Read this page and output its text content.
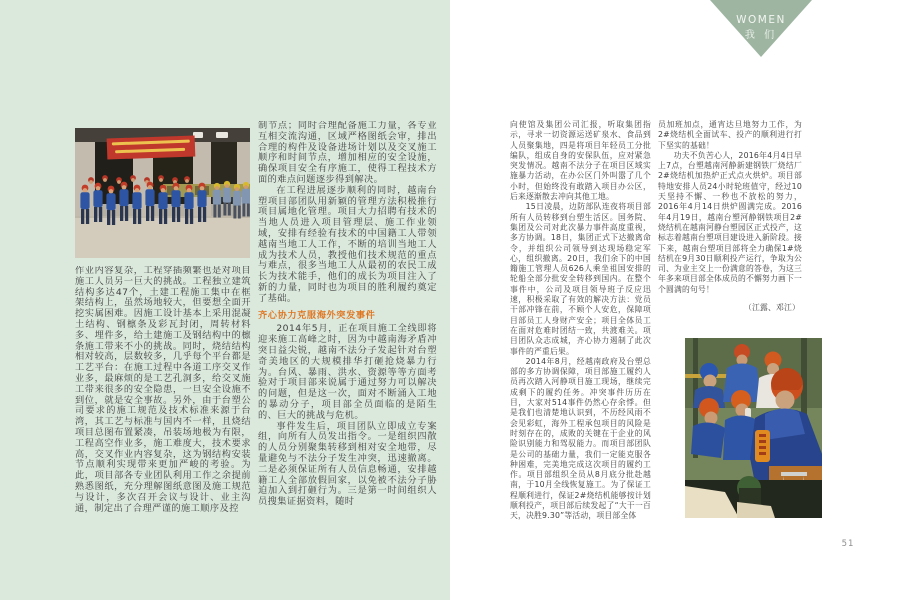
作业内容复杂，工程穿插频繁也是对项目施工人员另一巨大的挑战。工程独立建筑结构多达47个，土建工程施工集中在框架结构上，虽然场地较大，但要想全面开挖实属困难。因施工设计基本上采用混凝土结构、钢檩条及彩瓦封闭，周转材料多、埋件多，给土建施工及钢结构中的檩条施工带来不小的挑战。同时，烧结结构相对较高，层数较多，几乎每个平台都是工艺平台：在施工过程中各道工序交叉作业多，最麻烦的是工艺孔洞多，给交叉施工带来很多的安全隐患，一旦安全设施不到位，就是安全事故。另外，由于台塑公司要求的施工规范及技术标准来源于台湾，其工艺与标准与国内不一样，且烧结项目总图布置紧凑，吊装场地极为有限，工程高空作业多，施工难度大，技术要求高，交叉作业内容复杂，这为钢结构安装节点顺利实现带来更加严峻的考验。为此，项目部各专业团队利用工作之余提前熟悉图纸，充分理解图纸意图及施工规范与设计，多次召开会议与设计、业主沟通，制定出了合理严谨的施工顺序及控

制节点；同时合理配备施工力量，各专业互相交流沟通，区域严格图纸会审，排出合理的构件及设备进场计划以及交叉施工顺序和时间节点，增加相应的安全设施，确保项目安全有序施工，使得工程技术方面的难点问题逐步得到解决。

在工程进展逐步顺利的同时，越南台塑项目部团队用新颖的管理方法积极推行项目属地化管理。项目大力招聘有技术的当地人员进入项目管理层、施工作业领域，安排有经验有技术的中国籍工人带领越南当地工人工作，不断的培训当地工人成为技术人员，教授他们技术规范的重点与难点，很多当地工人从最初的农民工成长为技术能手，他们的成长为项目注入了新的力量，同时也为项目的胜利履约奠定了基础。

齐心协力克服海外突发事件

2014年5月，正在项目施工全线即将迎来施工高峰之时，因为中越南海矛盾冲突日益尖锐，越南不法分子发起针对台塑奇美地区的大规模排华打砸抢烧暴力行为。台风、暴雨、洪水、资源等等方面考验对于项目部来说属于通过努力可以解决的问题，但是这一次，面对不断涌入工地的暴动分子，项目部全员面临的是陌生的、巨大的挑战与危机。

事件发生后，项目团队立即成立专案组，向所有人员发出指令。一是组织四散的人员分别聚集转移到相对安全地带，尽量避免与不法分子发生冲突，迅速撤离。二是必须保证所有人员信息畅通，安排越籍工人全部放假回家，以免被不法分子胁迫加入到打砸行为。三是第一时间组织人员搜集证据资料，随时

WOMEN
我 们

向使馆及集团公司汇报，听取集团指示，寻求一切资源运送矿泉水、食品到人员聚集地，四是将项目年轻员工分批编队，组成自身的安保队伍，应对紧急突发情况。越南不法分子在项目区域实施暴力活动，在办公区门外叫嚣了几个小时，但始终没有敢踏入项目办公区，后来逐渐散去冲向其他工地。

15日凌晨，边防部队连夜将项目部所有人员转移到台塑生活区。国务院、集团及公司对此次暴力事件高度重视，多方协调。18日，集团正式下达撤离命令，并组织公司领导到达现场稳定军心，组织撤离。20日，我们余下的中国籍施工管理人员626人乘坐祖国安排的轮船全部分批安全转移到国内。在整个事件中，公司及项目领导班子反应迅速，积极采取了有效的解决方法：党员干部冲锋在前，不顾个人安危，保障项目部员工人身财产安全；项目全体员工在面对危难时团结一致，共渡难关。项目团队众志成城，齐心协力遏制了此次事件的严重后果。

2014年8月，经越南政府及台塑总部的多方协调保障，项目部施工履约人员再次踏入河静项目施工现场，继续完成剩下的履约任务。冲突事件历历在目，大家对514事件仍然心存余悸。但是我们也清楚地认识到，不历经风雨不会见彩虹，海外工程承包项目的风险是时刻存在的，成败的关键在于企业的风险识别能力和驾驭能力。而项目部团队是公司的基础力量，我们一定能克服各种困难，完美地完成这次项目的履约工作。项目部组织全员从8月底分批赴越南，于10月全线恢复施工。为了保证工程顺利进行，保证2#烧结机能够按计划顺利投产，项目部后续发起了“大干一百天，决胜9.30”等活动，项目部全体

员加班加点，通宵达旦地努力工作，为2#烧结机全面试车、投产的顺利进行打下坚实的基础！

功夫不负苦心人，2016年4月4日早上7点，台塑越南河静新建钢铁厂烧结厂2#烧结机加热炉正式点火烘炉。项目部特地安排人员24小时轮班值守，经过10天坚持不懈、一秒也不放松的努力，2016年4月14日烘炉圆满完成。2016年4月19日，越南台塑河静钢铁项目2#烧结机在越南河静台塑园区正式投产，这标志着越南台塑项目建设进入新阶段。接下来，越南台塑项目部将全力确保1#烧结机在9月30日顺利投产运行，争取为公司、为业主交上一份满意的答卷，为这三年多来项目部全体成员的不懈努力画下一个圆满的句号！

（江露、邓江）

51
